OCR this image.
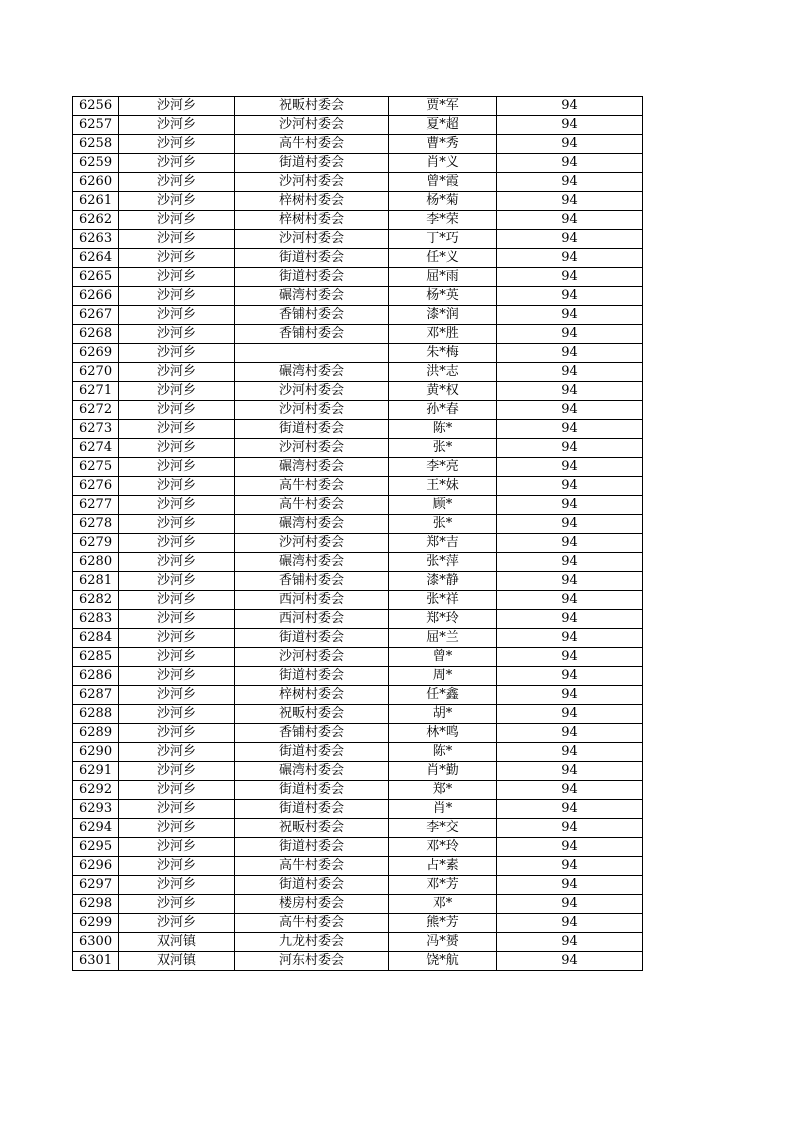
6256	沙河乡	祝畈村委会	贾*军	94
6257	沙河乡	沙河村委会	夏*超	94
6258	沙河乡	高牛村委会	曹*秀	94
6259	沙河乡	街道村委会	肖*义	94
6260	沙河乡	沙河村委会	曾*霞	94
6261	沙河乡	梓树村委会	杨*菊	94
6262	沙河乡	梓树村委会	李*荣	94
6263	沙河乡	沙河村委会	丁*巧	94
6264	沙河乡	街道村委会	任*义	94
6265	沙河乡	街道村委会	屈*雨	94
6266	沙河乡	碾湾村委会	杨*英	94
6267	沙河乡	香铺村委会	漆*润	94
6268	沙河乡	香铺村委会	邓*胜	94
6269	沙河乡		朱*梅	94
6270	沙河乡	碾湾村委会	洪*志	94
6271	沙河乡	沙河村委会	黄*权	94
6272	沙河乡	沙河村委会	孙*春	94
6273	沙河乡	街道村委会	陈*	94
6274	沙河乡	沙河村委会	张*	94
6275	沙河乡	碾湾村委会	李*亮	94
6276	沙河乡	高牛村委会	王*妹	94
6277	沙河乡	高牛村委会	顾*	94
6278	沙河乡	碾湾村委会	张*	94
6279	沙河乡	沙河村委会	郑*吉	94
6280	沙河乡	碾湾村委会	张*萍	94
6281	沙河乡	香铺村委会	漆*静	94
6282	沙河乡	西河村委会	张*祥	94
6283	沙河乡	西河村委会	郑*玲	94
6284	沙河乡	街道村委会	屈*兰	94
6285	沙河乡	沙河村委会	曾*	94
6286	沙河乡	街道村委会	周*	94
6287	沙河乡	梓树村委会	任*鑫	94
6288	沙河乡	祝畈村委会	胡*	94
6289	沙河乡	香铺村委会	林*鸣	94
6290	沙河乡	街道村委会	陈*	94
6291	沙河乡	碾湾村委会	肖*勤	94
6292	沙河乡	街道村委会	郑*	94
6293	沙河乡	街道村委会	肖*	94
6294	沙河乡	祝畈村委会	李*交	94
6295	沙河乡	街道村委会	邓*玲	94
6296	沙河乡	高牛村委会	占*素	94
6297	沙河乡	街道村委会	邓*芳	94
6298	沙河乡	楼房村委会	邓*	94
6299	沙河乡	高牛村委会	熊*芳	94
6300	双河镇	九龙村委会	冯*赟	94
6301	双河镇	河东村委会	饶*航	94
